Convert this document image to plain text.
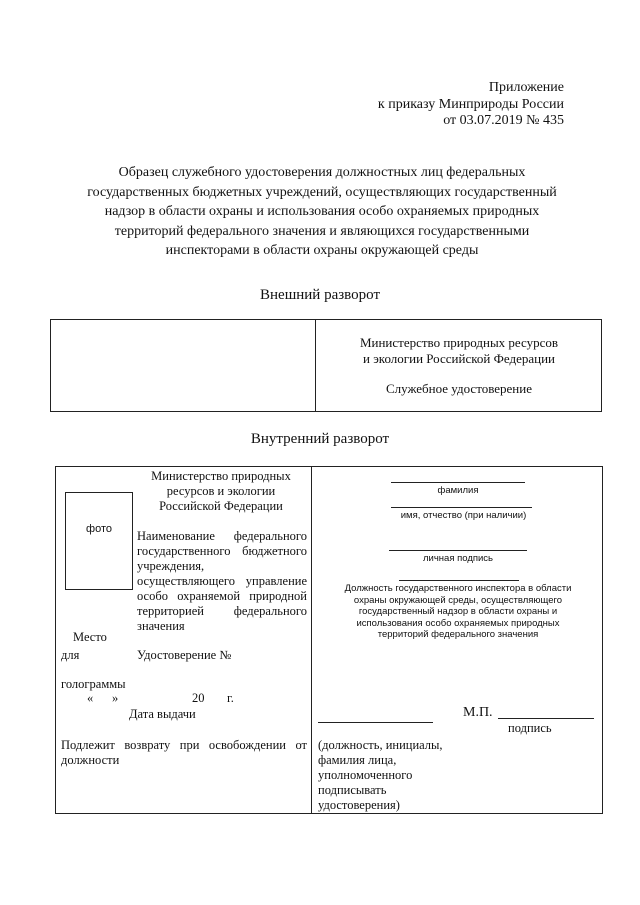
Приложение
к приказу Минприроды России
от 03.07.2019 № 435
Образец служебного удостоверения должностных лиц федеральных
государственных бюджетных учреждений, осуществляющих государственный
надзор в области охраны и использования особо охраняемых природных
территорий федерального значения и являющихся государственными
инспекторами в области охраны окружающей среды
Внешний разворот
Министерство природных ресурсов
и экологии Российской Федерации
Служебное удостоверение
Внутренний разворот
Министерство природных
ресурсов и экологии
Российской Федерации
фото	Наименование федерального
государственного бюджетного
учреждения,
осуществляющего управление
особо охраняемой природной
территорией федерального
значения
Место
для
голограммы
Удостоверение №
« »	20 г.
Дата выдачи
Подлежит возврату при освобождении от
должности
фамилия
имя, отчество (при наличии)
личная подпись
Должность государственного инспектора в области
охраны окружающей среды, осуществляющего
государственный надзор в области охраны и
использования особо охраняемых природных
территорий федерального значения
М.П.
подпись
(должность, инициалы,
фамилия лица,
уполномоченного
подписывать
удостоверения)
